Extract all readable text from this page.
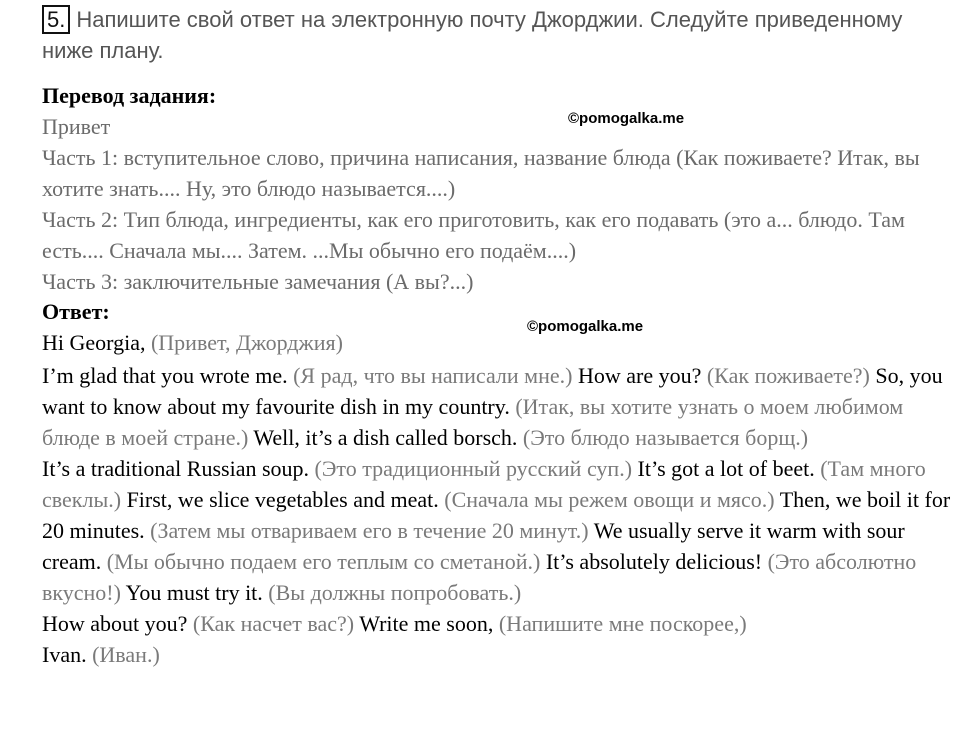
5. Напишите свой ответ на электронную почту Джорджии. Следуйте приведенному ниже плану.

Перевод задания:

Привет

Часть 1: вступительное слово, причина написания, название блюда (Как поживаете? Итак, вы хотите знать.... Ну, это блюдо называется....)

Часть 2: Тип блюда, ингредиенты, как его приготовить, как его подавать (это а... блюдо. Там есть.... Сначала мы.... Затем. ...Мы обычно его подаём....)

Часть 3: заключительные замечания (А вы?...)

Ответ:

Hi Georgia, (Привет, Джорджия)

I’m glad that you wrote me. (Я рад, что вы написали мне.) How are you? (Как поживаете?) So, you want to know about my favourite dish in my country. (Итак, вы хотите узнать о моем любимом блюде в моей стране.) Well, it’s a dish called borsch. (Это блюдо называется борщ.)

It’s a traditional Russian soup. (Это традиционный русский суп.) It’s got a lot of beet. (Там много свеклы.) First, we slice vegetables and meat. (Сначала мы режем овощи и мясо.) Then, we boil it for 20 minutes. (Затем мы отвариваем его в течение 20 минут.) We usually serve it warm with sour cream. (Мы обычно подаем его теплым со сметаной.) It’s absolutely delicious! (Это абсолютно вкусно!) You must try it. (Вы должны попробовать.)

How about you? (Как насчет вас?) Write me soon, (Напишите мне поскорее,)

Ivan. (Иван.)

©pomogalka.me
©pomogalka.me
